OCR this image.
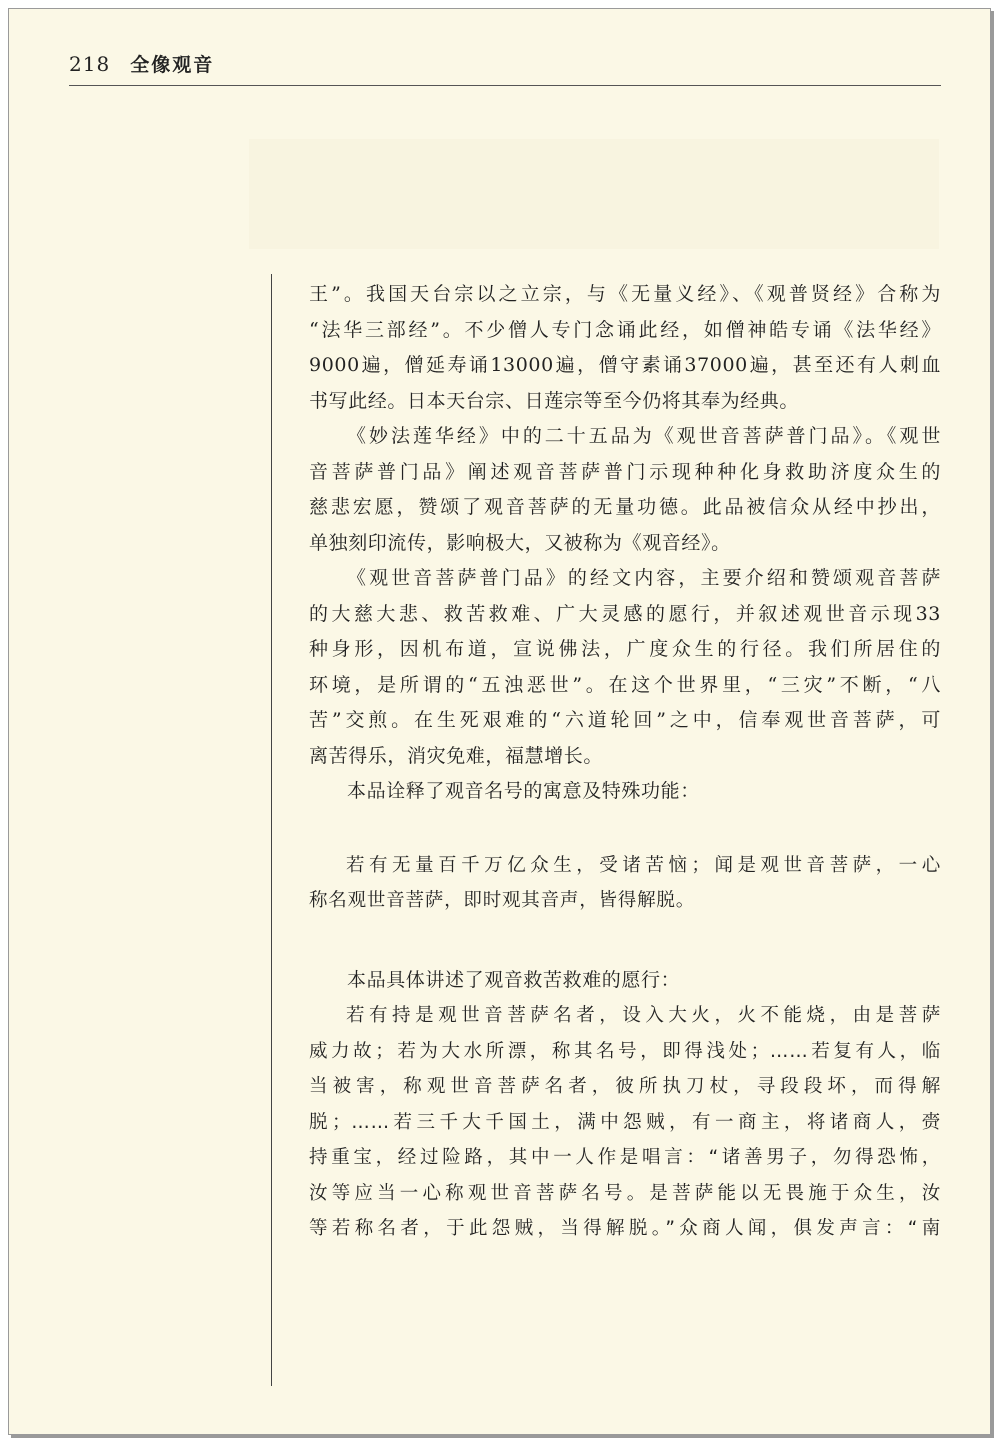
218 全像观音

王”。我国天台宗以之立宗，与《无量义经》、《观普贤经》合称为
“法华三部经”。不少僧人专门念诵此经，如僧神皓专诵《法华经》
9000遍，僧延寿诵13000遍，僧守素诵37000遍，甚至还有人刺血
书写此经。日本天台宗、日莲宗等至今仍将其奉为经典。

《妙法莲华经》中的二十五品为《观世音菩萨普门品》。《观世

音菩萨普门品》阐述观音菩萨普门示现种种化身救助济度众生的
慈悲宏愿，赞颂了观音菩萨的无量功德。此品被信众从经中抄出，
单独刻印流传，影响极大，又被称为《观音经》。

《观世音菩萨普门品》的经文内容，主要介绍和赞颂观音菩萨

的大慈大悲、救苦救难、广大灵感的愿行，并叙述观世音示现33
种身形，因机布道，宣说佛法，广度众生的行径。我们所居住的
环境，是所谓的“五浊恶世”。在这个世界里，“三灾”不断，“八
苦”交煎。在生死艰难的“六道轮回”之中，信奉观世音菩萨，可
离苦得乐，消灾免难，福慧增长。

本品诠释了观音名号的寓意及特殊功能：

若有无量百千万亿众生，受诸苦恼；闻是观世音菩萨，一心

称名观世音菩萨，即时观其音声，皆得解脱。

本品具体讲述了观音救苦救难的愿行：

若有持是观世音菩萨名者，设入大火，火不能烧，由是菩萨

威力故；若为大水所漂，称其名号，即得浅处；……若复有人，临
当被害，称观世音菩萨名者，彼所执刀杖，寻段段坏，而得解
脱；……若三千大千国土，满中怨贼，有一商主，将诸商人，赍
持重宝，经过险路，其中一人作是唱言：“诸善男子，勿得恐怖，
汝等应当一心称观世音菩萨名号。是菩萨能以无畏施于众生，汝
等若称名者，于此怨贼，当得解脱。”众商人闻，俱发声言：“南
